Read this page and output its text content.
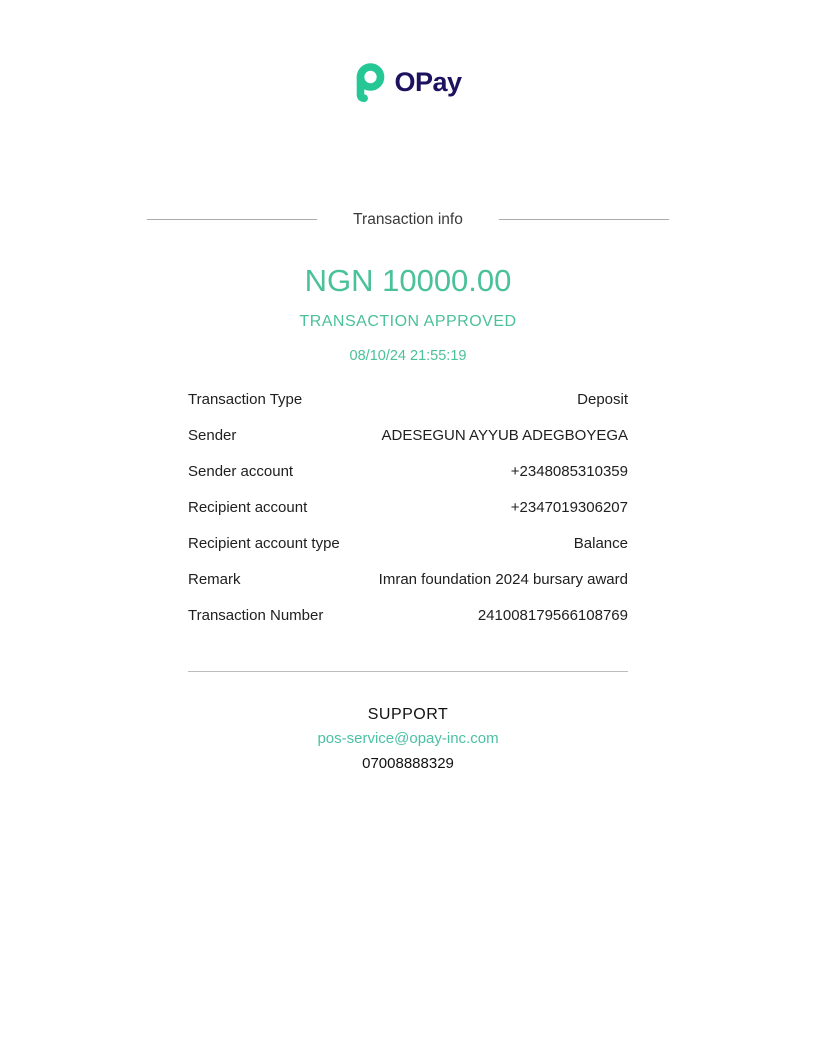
OPay
Transaction info
NGN 10000.00
TRANSACTION APPROVED
08/10/24 21:55:19
Transaction Type	Deposit
Sender	ADESEGUN AYYUB ADEGBOYEGA
Sender account	+2348085310359
Recipient account	+2347019306207
Recipient account type	Balance
Remark	Imran foundation 2024 bursary award
Transaction Number	241008179566108769
SUPPORT
pos-service@opay-inc.com
07008888329
